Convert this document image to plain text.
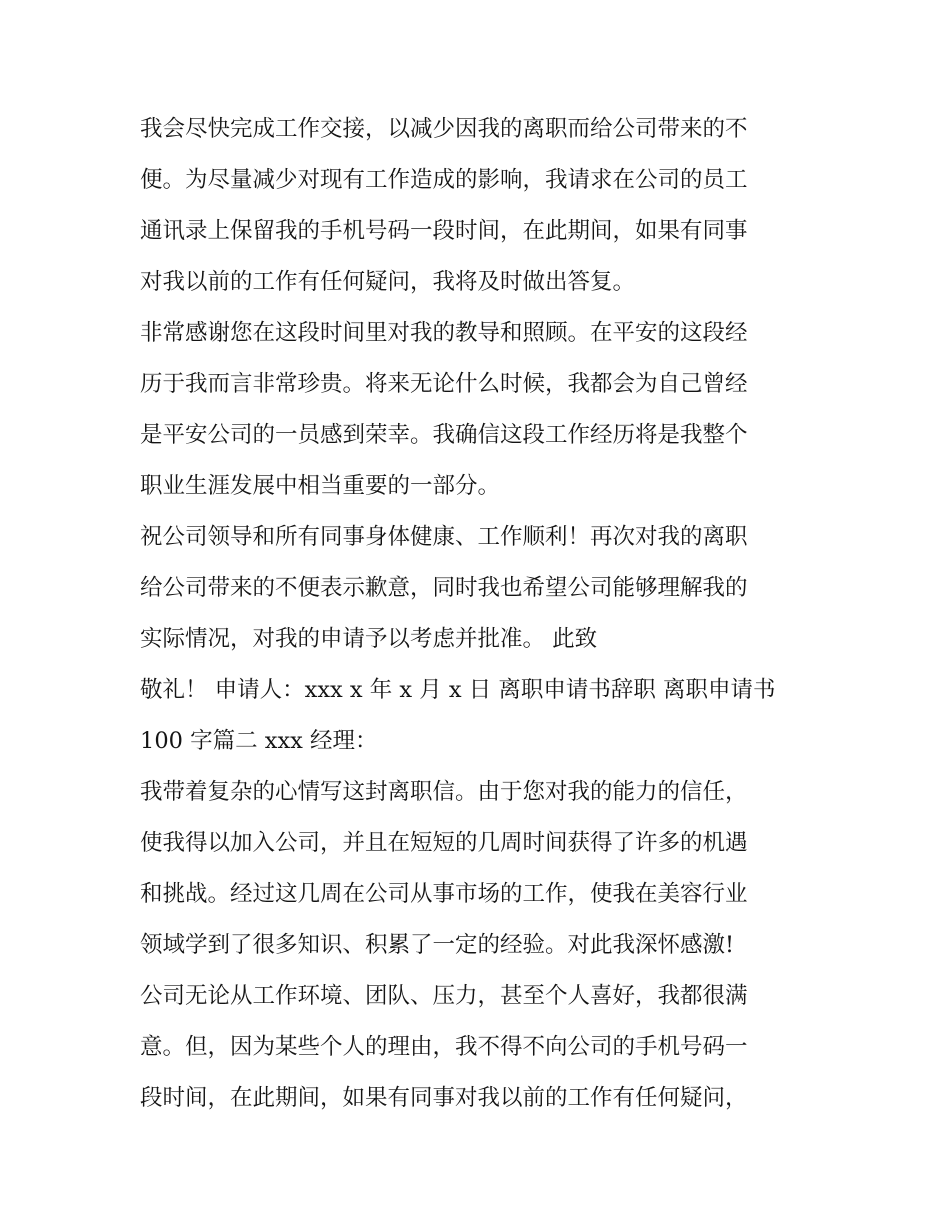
我会尽快完成工作交接，以减少因我的离职而给公司带来的不
便。为尽量减少对现有工作造成的影响，我请求在公司的员工
通讯录上保留我的手机号码一段时间，在此期间，如果有同事
对我以前的工作有任何疑问，我将及时做出答复。
非常感谢您在这段时间里对我的教导和照顾。在平安的这段经
历于我而言非常珍贵。将来无论什么时候，我都会为自己曾经
是平安公司的一员感到荣幸。我确信这段工作经历将是我整个
职业生涯发展中相当重要的一部分。
祝公司领导和所有同事身体健康、工作顺利！再次对我的离职
给公司带来的不便表示歉意，同时我也希望公司能够理解我的
实际情况，对我的申请予以考虑并批准。 此致
敬礼！ 申请人：xxx x 年 x 月 x 日 离职申请书辞职 离职申请书
100 字篇二 xxx 经理：
我带着复杂的心情写这封离职信。由于您对我的能力的信任，
使我得以加入公司，并且在短短的几周时间获得了许多的机遇
和挑战。经过这几周在公司从事市场的工作，使我在美容行业
领域学到了很多知识、积累了一定的经验。对此我深怀感激!
公司无论从工作环境、团队、压力，甚至个人喜好，我都很满
意。但，因为某些个人的理由，我不得不向公司的手机号码一
段时间，在此期间，如果有同事对我以前的工作有任何疑问，
